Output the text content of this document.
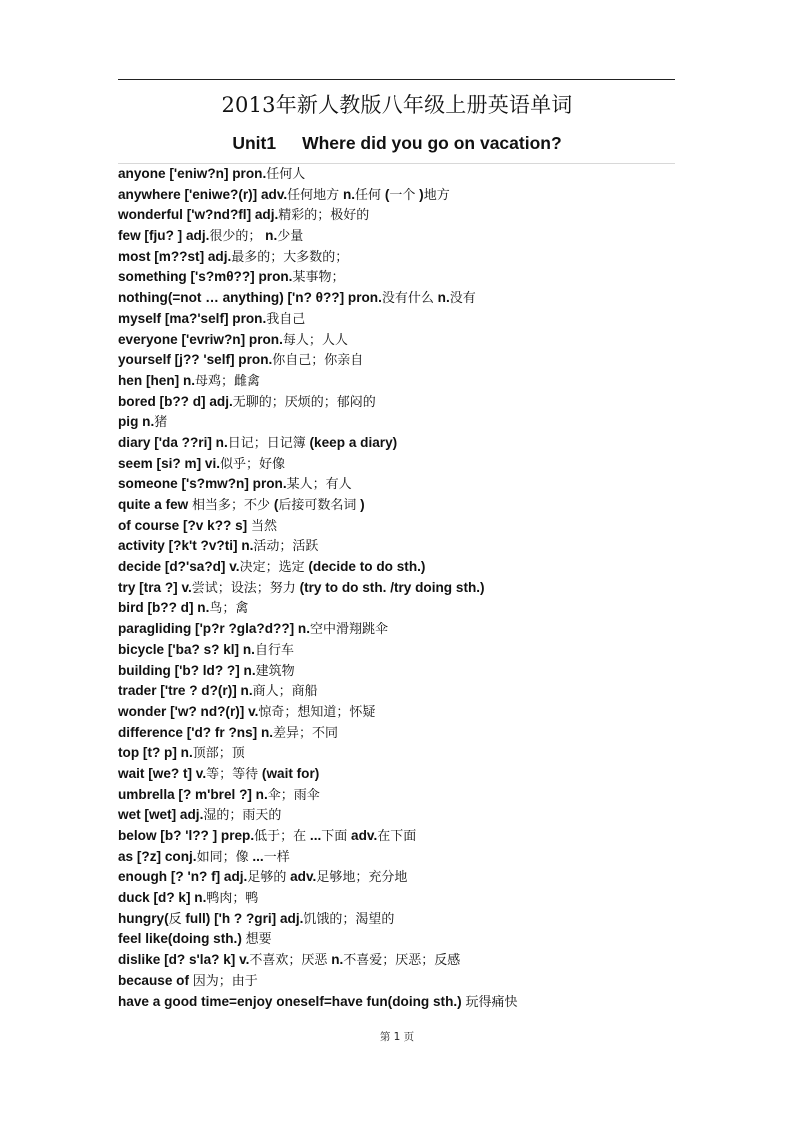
2013年新人教版八年级上册英语单词
Unit1 Where did you go on vacation?
anyone ['eniw?n] pron.任何人
anywhere ['eniwe?(r)] adv.任何地方 n.任何 (一个 )地方
wonderful ['w?nd?fl] adj.精彩的；极好的
few [fju? ] adj.很少的； n.少量
most [m??st] adj.最多的；大多数的；
something ['s?mθ??] pron.某事物；
nothing(=not … anything) ['n? θ??] pron.没有什么 n.没有
myself [ma?'self] pron.我自己
everyone ['evriw?n] pron.每人；人人
yourself [j?? 'self] pron.你自己；你亲自
hen [hen] n.母鸡；雌禽
bored [b?? d] adj.无聊的；厌烦的；郁闷的
pig n.猪
diary ['da ??ri] n.日记；日记簿 (keep a diary)
seem [si? m] vi.似乎；好像
someone ['s?mw?n] pron.某人；有人
quite a few 相当多；不少 (后接可数名词 )
of course [?v k?? s] 当然
activity [?k't ?v?ti] n.活动；活跃
decide [d?'sa?d] v.决定；选定 (decide to do sth.)
try [tra ?] v.尝试；设法；努力 (try to do sth. /try doing sth.)
bird [b?? d] n.鸟；禽
paragliding ['p?r ?gla?d??] n.空中滑翔跳伞
bicycle ['ba? s? kl] n.自行车
building ['b? ld? ?] n.建筑物
trader ['tre ? d?(r)] n.商人；商船
wonder ['w? nd?(r)] v.惊奇；想知道；怀疑
difference ['d? fr ?ns] n.差异；不同
top [t? p] n.顶部；顶
wait [we? t] v.等；等待 (wait for)
umbrella [? m'brel ?] n.伞；雨伞
wet [wet] adj.湿的；雨天的
below [b? 'l?? ] prep.低于；在 ...下面 adv.在下面
as [?z] conj.如同；像 ...一样
enough [? 'n? f] adj.足够的 adv.足够地；充分地
duck [d? k] n.鸭肉；鸭
hungry(反 full) ['h ? ?gri] adj.饥饿的；渴望的
feel like(doing sth.) 想要
dislike [d? s'la? k] v.不喜欢；厌恶 n.不喜爱；厌恶；反感
because of 因为；由于
have a good time=enjoy oneself=have fun(doing sth.) 玩得痛快
第 1 页
